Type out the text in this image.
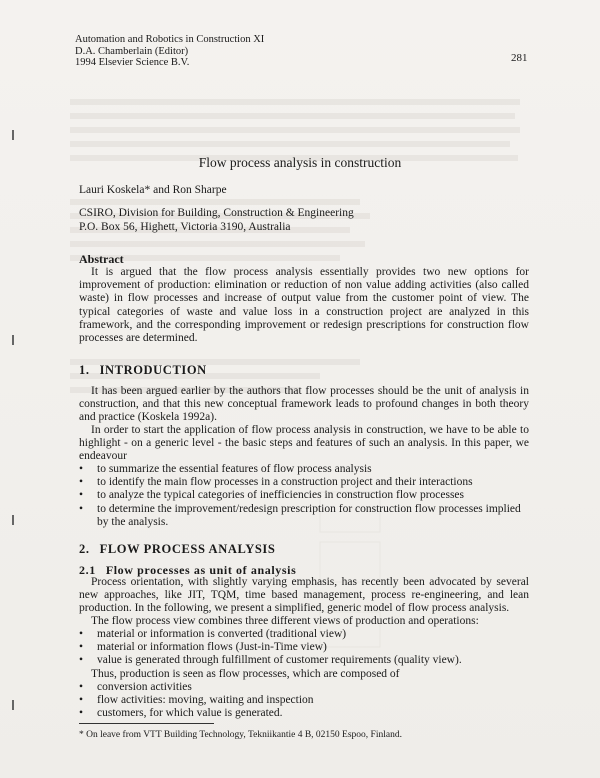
Automation and Robotics in Construction XI
D.A. Chamberlain (Editor)
1994 Elsevier Science B.V.	281
Flow process analysis in construction
Lauri Koskela* and Ron Sharpe
CSIRO, Division for Building, Construction & Engineering
P.O. Box 56, Highett, Victoria 3190, Australia
Abstract
It is argued that the flow process analysis essentially provides two new options for improvement of production: elimination or reduction of non value adding activities (also called waste) in flow processes and increase of output value from the customer point of view. The typical categories of waste and value loss in a construction project are analyzed in this framework, and the corresponding improvement or redesign prescriptions for construction flow processes are determined.
1. INTRODUCTION
It has been argued earlier by the authors that flow processes should be the unit of analysis in construction, and that this new conceptual framework leads to profound changes in both theory and practice (Koskela 1992a).
In order to start the application of flow process analysis in construction, we have to be able to highlight - on a generic level - the basic steps and features of such an analysis. In this paper, we endeavour
• to summarize the essential features of flow process analysis
• to identify the main flow processes in a construction project and their interactions
• to analyze the typical categories of inefficiencies in construction flow processes
• to determine the improvement/redesign prescription for construction flow processes implied by the analysis.
2. FLOW PROCESS ANALYSIS
2.1 Flow processes as unit of analysis
Process orientation, with slightly varying emphasis, has recently been advocated by several new approaches, like JIT, TQM, time based management, process re-engineering, and lean production. In the following, we present a simplified, generic model of flow process analysis.
The flow process view combines three different views of production and operations:
• material or information is converted (traditional view)
• material or information flows (Just-in-Time view)
• value is generated through fulfillment of customer requirements (quality view).
Thus, production is seen as flow processes, which are composed of
• conversion activities
• flow activities: moving, waiting and inspection
• customers, for which value is generated.
* On leave from VTT Building Technology, Tekniikantie 4 B, 02150 Espoo, Finland.
